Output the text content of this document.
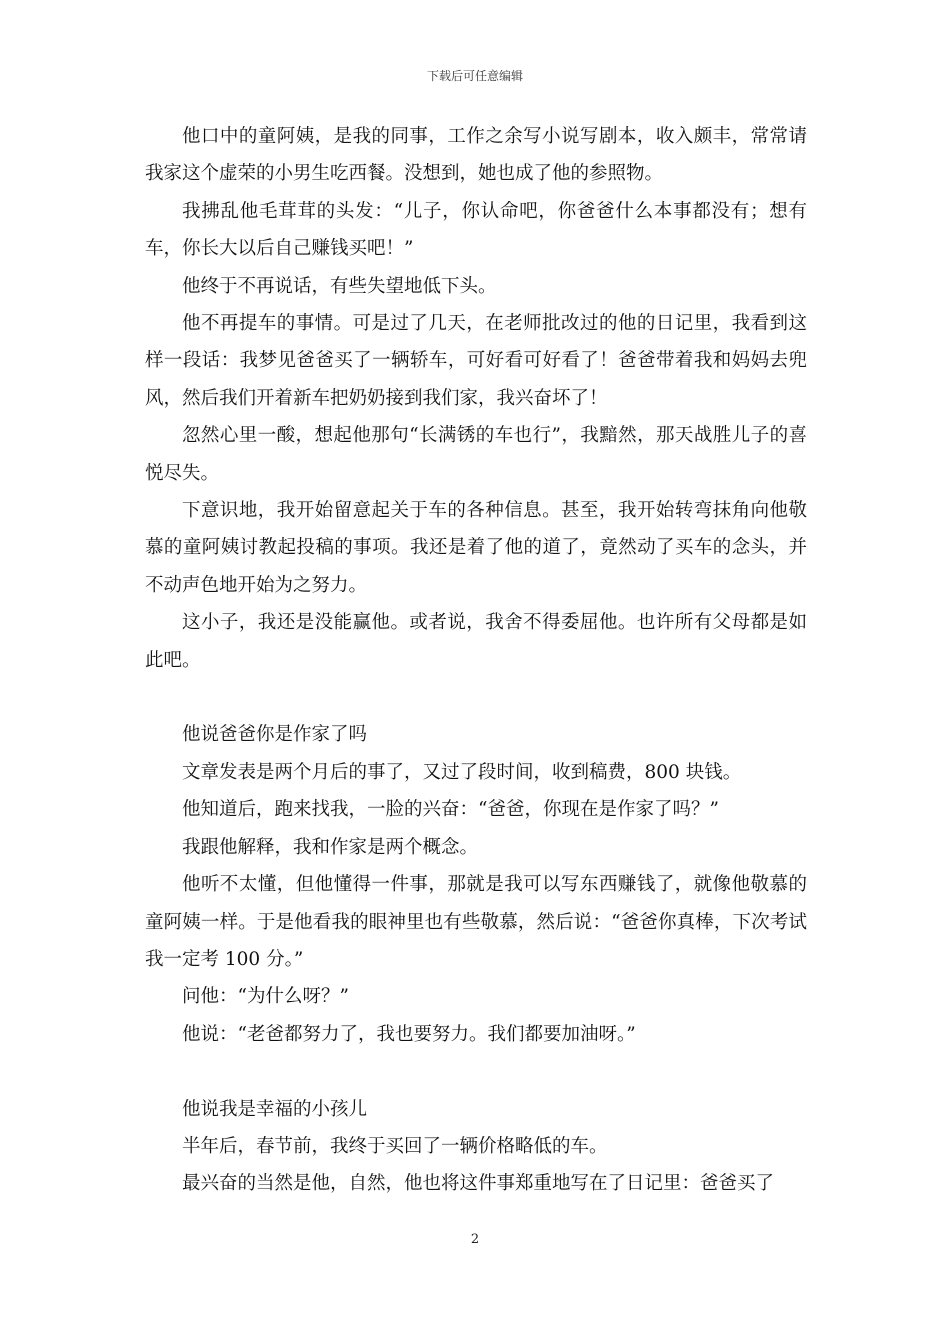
下载后可任意编辑

他口中的童阿姨，是我的同事，工作之余写小说写剧本，收入颇丰，常常请我家这个虚荣的小男生吃西餐。没想到，她也成了他的参照物。

我拂乱他毛茸茸的头发：“儿子，你认命吧，你爸爸什么本事都没有；想有车，你长大以后自己赚钱买吧！”

他终于不再说话，有些失望地低下头。

他不再提车的事情。可是过了几天，在老师批改过的他的日记里，我看到这样一段话：我梦见爸爸买了一辆轿车，可好看可好看了！爸爸带着我和妈妈去兜风，然后我们开着新车把奶奶接到我们家，我兴奋坏了！

忽然心里一酸，想起他那句“长满锈的车也行”，我黯然，那天战胜儿子的喜悦尽失。

下意识地，我开始留意起关于车的各种信息。甚至，我开始转弯抹角向他敬慕的童阿姨讨教起投稿的事项。我还是着了他的道了，竟然动了买车的念头，并不动声色地开始为之努力。

这小子，我还是没能赢他。或者说，我舍不得委屈他。也许所有父母都是如此吧。

他说爸爸你是作家了吗

文章发表是两个月后的事了，又过了段时间，收到稿费，800 块钱。

他知道后，跑来找我，一脸的兴奋：“爸爸，你现在是作家了吗？”

我跟他解释，我和作家是两个概念。

他听不太懂，但他懂得一件事，那就是我可以写东西赚钱了，就像他敬慕的童阿姨一样。于是他看我的眼神里也有些敬慕，然后说：“爸爸你真棒，下次考试我一定考 100 分。”

问他：“为什么呀？”

他说：“老爸都努力了，我也要努力。我们都要加油呀。”

他说我是幸福的小孩儿

半年后，春节前，我终于买回了一辆价格略低的车。

最兴奋的当然是他，自然，他也将这件事郑重地写在了日记里：爸爸买了

2
